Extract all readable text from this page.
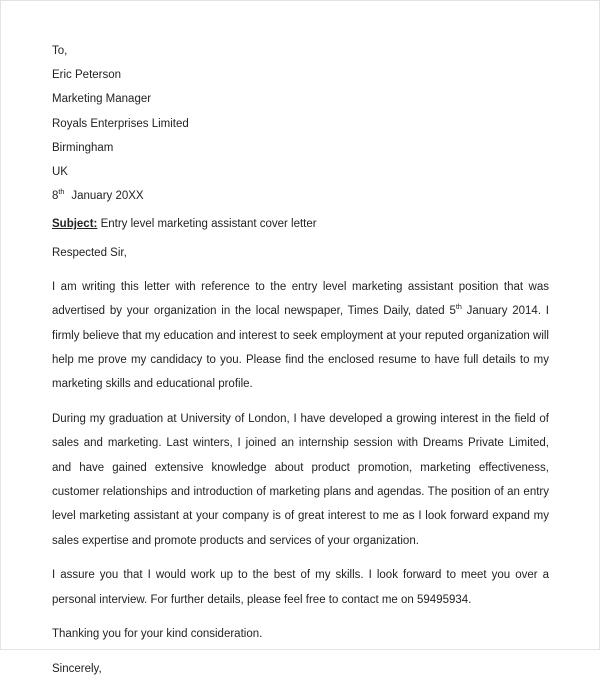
To,
Eric Peterson
Marketing Manager
Royals Enterprises Limited
Birmingham
UK
8th January 20XX
Subject: Entry level marketing assistant cover letter
Respected Sir,

I am writing this letter with reference to the entry level marketing assistant position that was advertised by your organization in the local newspaper, Times Daily, dated 5th January 2014. I firmly believe that my education and interest to seek employment at your reputed organization will help me prove my candidacy to you. Please find the enclosed resume to have full details to my marketing skills and educational profile.

During my graduation at University of London, I have developed a growing interest in the field of sales and marketing. Last winters, I joined an internship session with Dreams Private Limited, and have gained extensive knowledge about product promotion, marketing effectiveness, customer relationships and introduction of marketing plans and agendas. The position of an entry level marketing assistant at your company is of great interest to me as I look forward expand my sales expertise and promote products and services of your organization.

I assure you that I would work up to the best of my skills. I look forward to meet you over a personal interview. For further details, please feel free to contact me on 59495934.

Thanking you for your kind consideration.

Sincerely,
